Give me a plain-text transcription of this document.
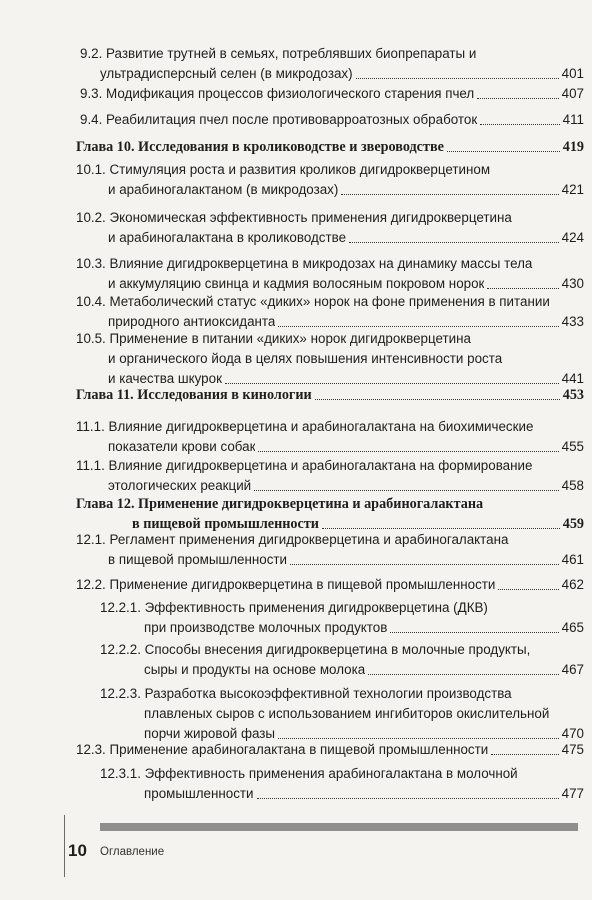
9.2. Развитие трутней в семьях, потреблявших биопрепараты и
ультрадисперсный селен (в микродозах)	401
9.3. Модификация процессов физиологического старения пчел	407
9.4. Реабилитация пчел после противоварроатозных обработок	411
Глава 10. Исследования в кролиководстве и звероводстве	419
10.1. Стимуляция роста и развития кроликов дигидрокверцетином
и арабиногалактаном (в микродозах)	421
10.2. Экономическая эффективность применения дигидрокверцетина
и арабиногалактана в кролиководстве	424
10.3. Влияние дигидрокверцетина в микродозах на динамику массы тела
и аккумуляцию свинца и кадмия волосяным покровом норок	430
10.4. Метаболический статус «диких» норок на фоне применения в питании
природного антиоксиданта	433
10.5. Применение в питании «диких» норок дигидрокверцетина
и органического йода в целях повышения интенсивности роста
и качества шкурок	441
Глава 11. Исследования в кинологии	453
11.1. Влияние дигидрокверцетина и арабиногалактана на биохимические
показатели крови собак	455
11.1. Влияние дигидрокверцетина и арабиногалактана на формирование
этологических реакций	458
Глава 12. Применение дигидрокверцетина и арабиногалактана
в пищевой промышленности	459
12.1. Регламент применения дигидрокверцетина и арабиногалактана
в пищевой промышленности	461
12.2. Применение дигидрокверцетина в пищевой промышленности	462
12.2.1. Эффективность применения дигидрокверцетина (ДКВ)
при производстве молочных продуктов	465
12.2.2. Способы внесения дигидрокверцетина в молочные продукты,
сыры и продукты на основе молока	467
12.2.3. Разработка высокоэффективной технологии производства
плавленых сыров с использованием ингибиторов окислительной
порчи жировой фазы	470
12.3. Применение арабиногалактана в пищевой промышленности	475
12.3.1. Эффективность применения арабиногалактана в молочной
промышленности	477
10 Оглавление
